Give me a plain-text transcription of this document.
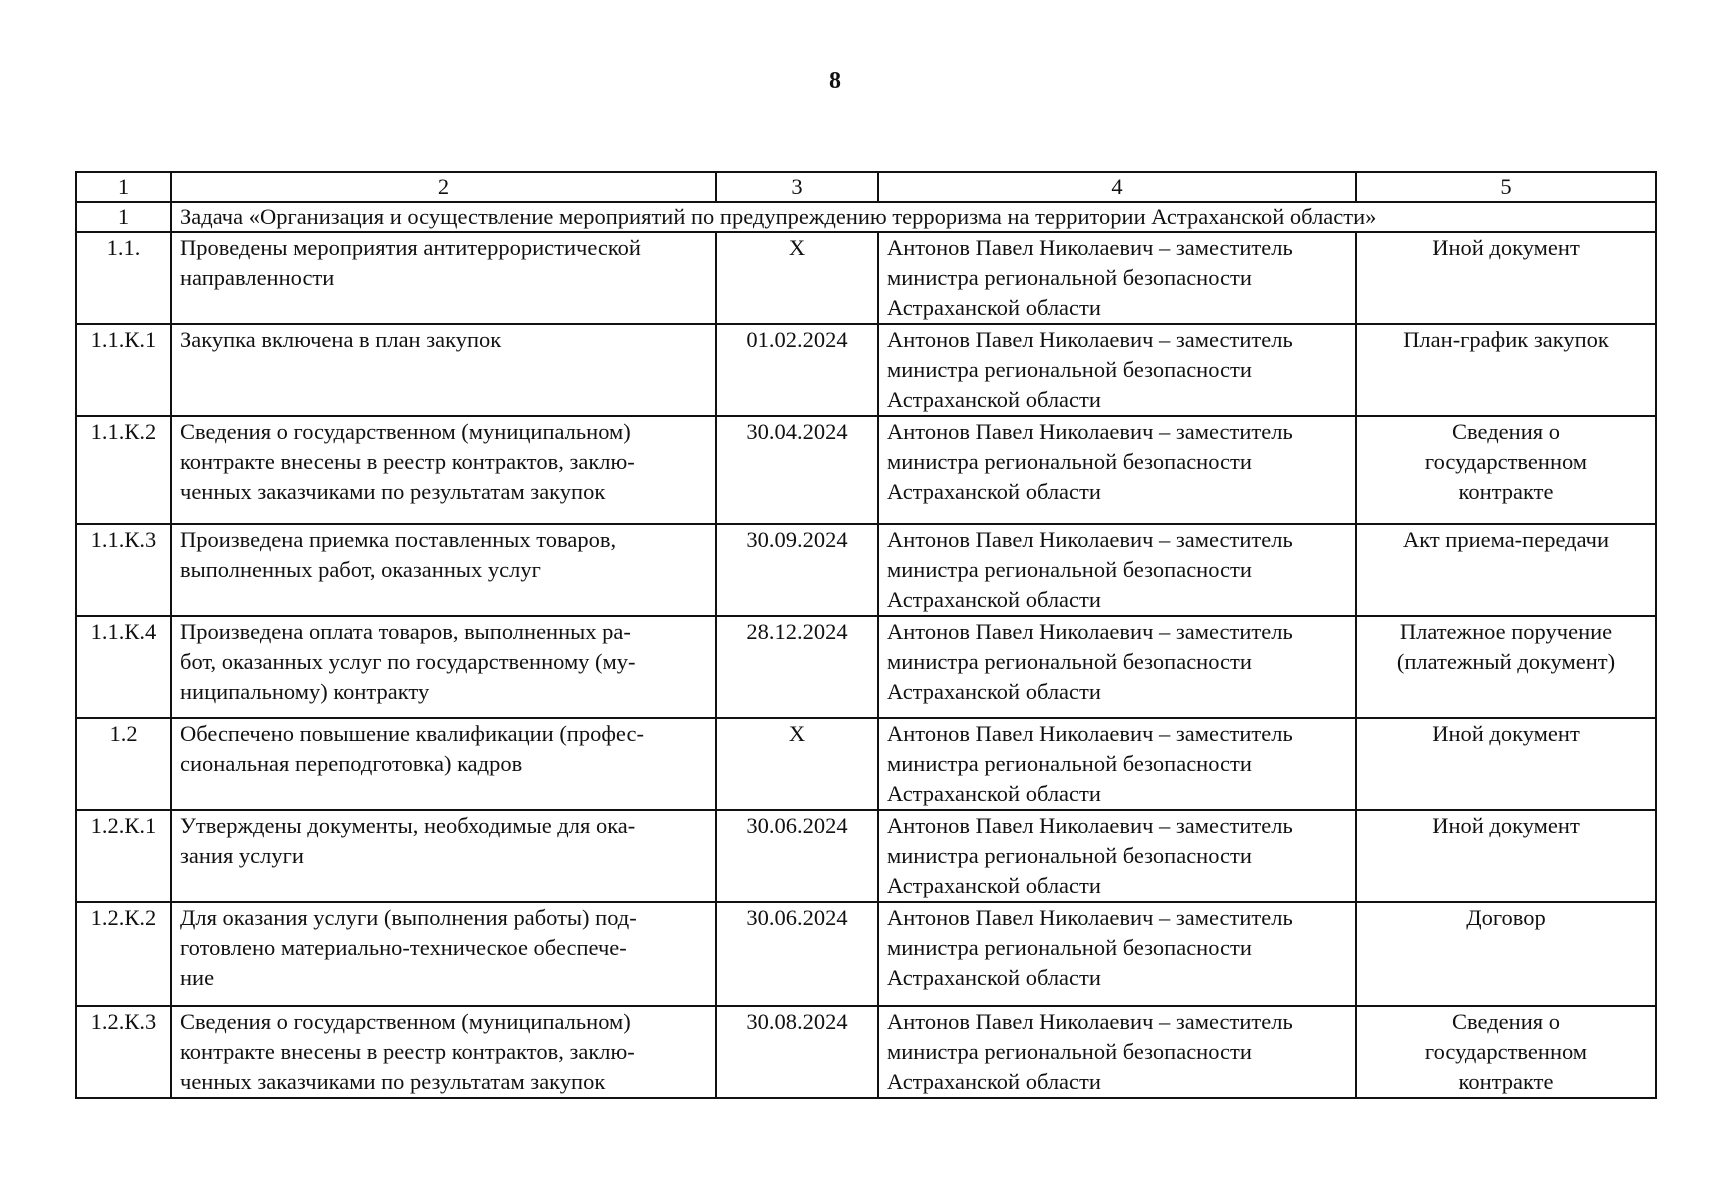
8
1	2	3	4	5
1	Задача «Организация и осуществление мероприятий по предупреждению терроризма на территории Астраханской области»			
1.1.	Проведены мероприятия антитеррористической
направленности	X	Антонов Павел Николаевич – заместитель
министра региональной безопасности
Астраханской области	Иной документ

1.1.К.1	Закупка включена в план закупок	01.02.2024	Антонов Павел Николаевич – заместитель
министра региональной безопасности
Астраханской области	План-график закупок

1.1.К.2	Сведения о государственном (муниципальном)
контракте внесены в реестр контрактов, заклю-
ченных заказчиками по результатам закупок	30.04.2024	Антонов Павел Николаевич – заместитель
министра региональной безопасности
Астраханской области	Сведения о
государственном
контракте

1.1.К.3	Произведена приемка поставленных товаров,
выполненных работ, оказанных услуг	30.09.2024	Антонов Павел Николаевич – заместитель
министра региональной безопасности
Астраханской области	Акт приема-передачи

1.1.К.4	Произведена оплата товаров, выполненных ра-
бот, оказанных услуг по государственному (му-
ниципальному) контракту	28.12.2024	Антонов Павел Николаевич – заместитель
министра региональной безопасности
Астраханской области	Платежное поручение
(платежный документ)

1.2	Обеспечено повышение квалификации (профес-
сиональная переподготовка) кадров	X	Антонов Павел Николаевич – заместитель
министра региональной безопасности
Астраханской области	Иной документ

1.2.К.1	Утверждены документы, необходимые для ока-
зания услуги	30.06.2024	Антонов Павел Николаевич – заместитель
министра региональной безопасности
Астраханской области	Иной документ

1.2.К.2	Для оказания услуги (выполнения работы) под-
готовлено материально-техническое обеспече-
ние	30.06.2024	Антонов Павел Николаевич – заместитель
министра региональной безопасности
Астраханской области	Договор

1.2.К.3	Сведения о государственном (муниципальном)
контракте внесены в реестр контрактов, заклю-
ченных заказчиками по результатам закупок	30.08.2024	Антонов Павел Николаевич – заместитель
министра региональной безопасности
Астраханской области	Сведения о
государственном
контракте
